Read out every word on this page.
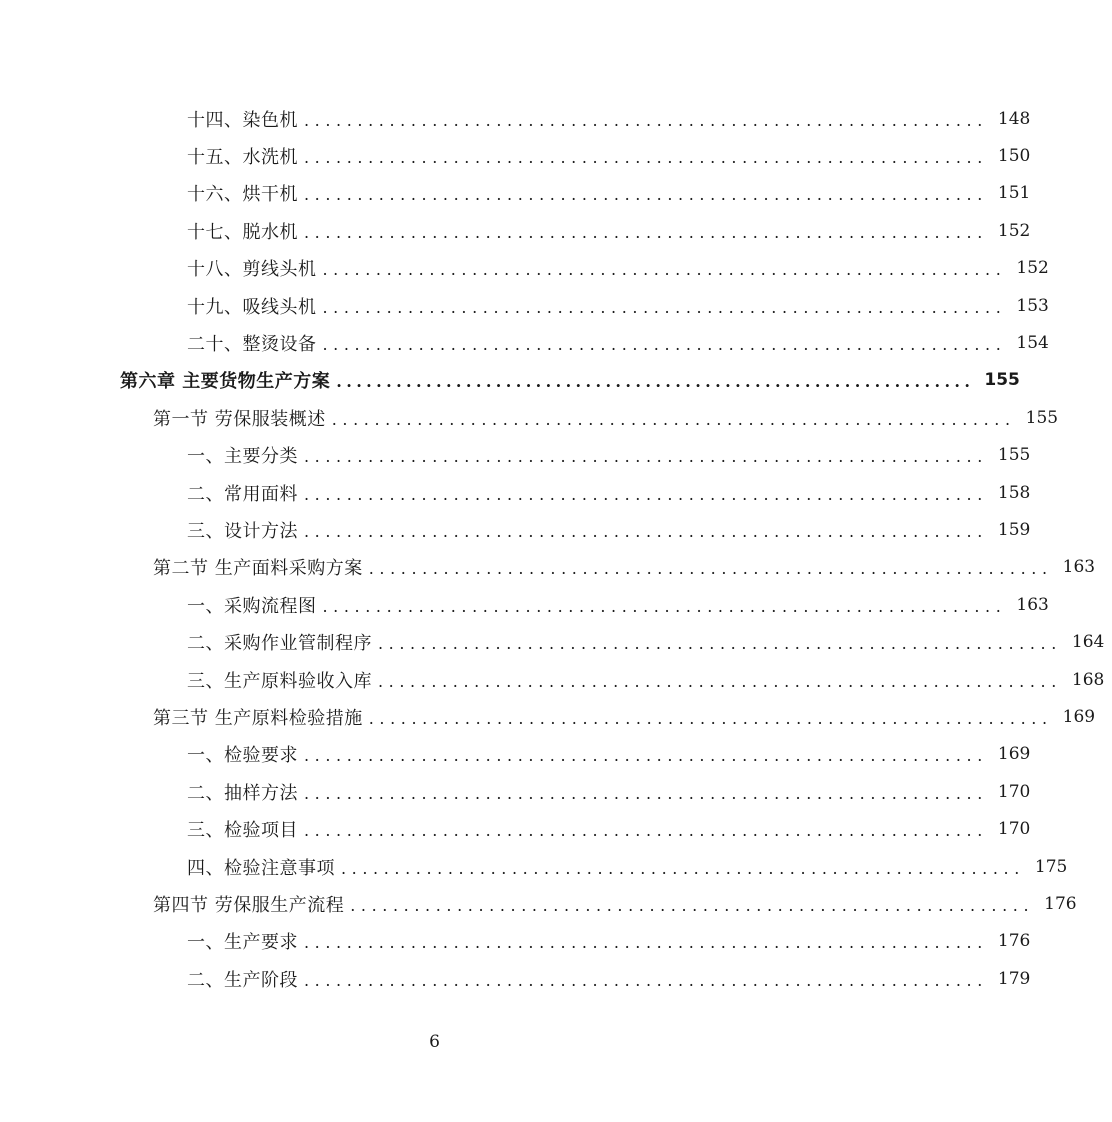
十四、染色机 ................................................................ 148
十五、水洗机 ................................................................ 150
十六、烘干机 ................................................................ 151
十七、脱水机 ................................................................ 152
十八、剪线头机 ................................................................ 152
十九、吸线头机 ................................................................ 153
二十、整烫设备 ................................................................ 154
第六章 主要货物生产方案 ................................................................ 155
第一节 劳保服装概述 ................................................................ 155
一、主要分类 ................................................................ 155
二、常用面料 ................................................................ 158
三、设计方法 ................................................................ 159
第二节 生产面料采购方案 ................................................................ 163
一、采购流程图 ................................................................ 163
二、采购作业管制程序 ................................................................ 164
三、生产原料验收入库 ................................................................ 168
第三节 生产原料检验措施 ................................................................ 169
一、检验要求 ................................................................ 169
二、抽样方法 ................................................................ 170
三、检验项目 ................................................................ 170
四、检验注意事项 ................................................................ 175
第四节 劳保服生产流程 ................................................................ 176
一、生产要求 ................................................................ 176
二、生产阶段 ................................................................ 179
6
